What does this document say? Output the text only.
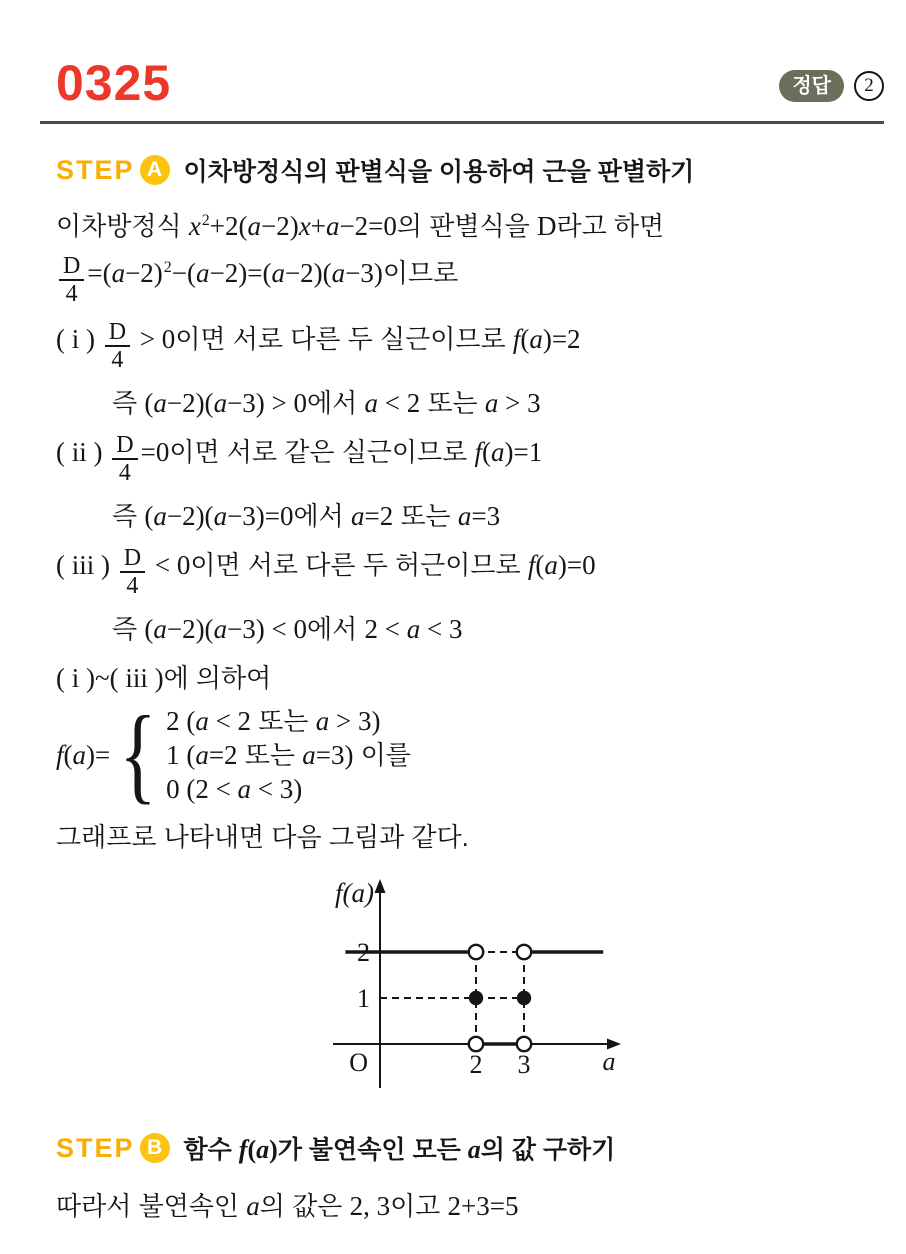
0325	정답	2
STEP A 이차방정식의 판별식을 이용하여 근을 판별하기
이차방정식 $x^2 +2(a-2)x+a-2=0$ 의 판별식을 D 라고 하면
$\frac{D}{4} =(a-2)^2 -(a-2)=(a-2)(a-3)$ 이므로
( i ) $\frac{D}{4} > 0$ 이면 서로 다른 두 실근이므로 f(a)=2
즉 (a−2)(a−3) > 0 에서 a < 2 또는 a > 3
( ii ) $\frac{D}{4} =0$ 이면 서로 같은 실근이므로 f(a)=1
즉 (a−2)(a−3)=0 에서 a=2 또는 a=3
( iii ) $\frac{D}{4} < 0$ 이면 서로 다른 두 허근이므로 f(a)=0
즉 (a−2)(a−3) < 0 에서 2 < a < 3
( i )~( iii ) 에 의하여
f(a)= { 2 (a < 2 또는 a > 3)
1 (a=2 또는 a=3) 이를
0 (2 < a < 3)
그래프로 나타내면 다음 그림과 같다.
1
2
2 3
O	a
f(a)
STEP B 함수 f(a) 가 불연속인 모든 a 의 값 구하기
따라서 불연속인 a 의 값은 2, 3 이고 2+3=5
